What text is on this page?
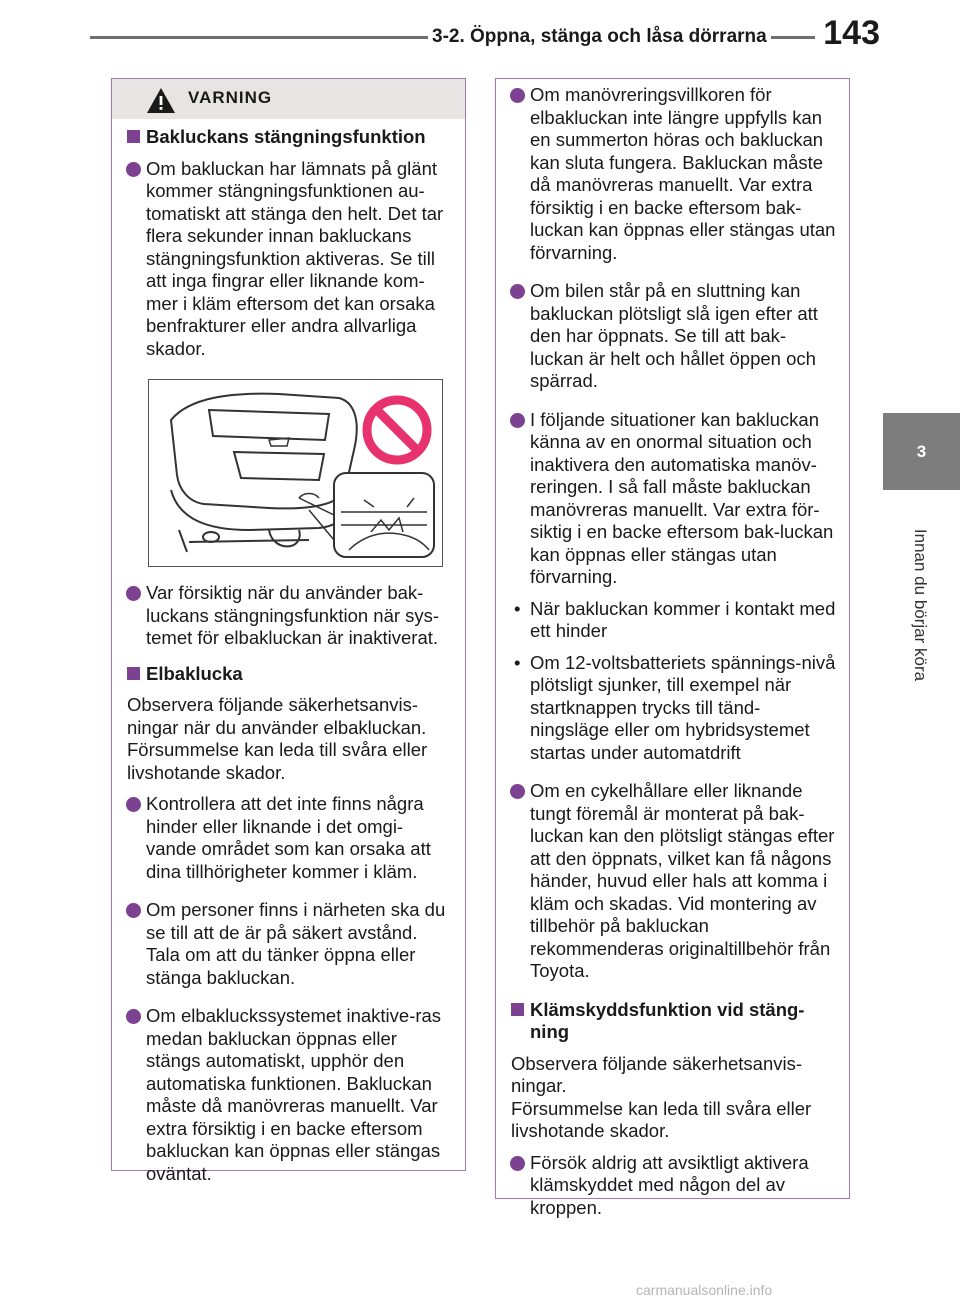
3-2. Öppna, stänga och låsa dörrarna 143
3
Innan du börjar köra
VARNING

Bakluckans stängningsfunktion

Om bakluckan har lämnats på glänt kommer stängningsfunktionen au-tomatiskt att stänga den helt. Det tar flera sekunder innan bakluckans stängningsfunktion aktiveras. Se till att inga fingrar eller liknande kom-mer i kläm eftersom det kan orsaka benfrakturer eller andra allvarliga skador.

Var försiktig när du använder bak-luckans stängningsfunktion när sys-temet för elbakluckan är inaktiverat.

Elbaklucka

Observera följande säkerhetsanvis-ningar när du använder elbakluckan. Försummelse kan leda till svåra eller livshotande skador.

Kontrollera att det inte finns några hinder eller liknande i det omgi-vande området som kan orsaka att dina tillhörigheter kommer i kläm.

Om personer finns i närheten ska du se till att de är på säkert avstånd. Tala om att du tänker öppna eller stänga bakluckan.

Om elbakluckssystemet inaktive-ras medan bakluckan öppnas eller stängs automatiskt, upphör den automatiska funktionen. Bakluckan måste då manövreras manuellt. Var extra försiktig i en backe eftersom bakluckan kan öppnas eller stängas oväntat.

Om manövreringsvillkoren för elbakluckan inte längre uppfylls kan en summerton höras och bakluckan kan sluta fungera. Bakluckan måste då manövreras manuellt. Var extra försiktig i en backe eftersom bak-luckan kan öppnas eller stängas utan förvarning.

Om bilen står på en sluttning kan bakluckan plötsligt slå igen efter att den har öppnats. Se till att bak-luckan är helt och hållet öppen och spärrad.

I följande situationer kan bakluckan känna av en onormal situation och inaktivera den automatiska manöv-reringen. I så fall måste bakluckan manövreras manuellt. Var extra för-siktig i en backe eftersom bak-luckan kan öppnas eller stängas utan förvarning.

• När bakluckan kommer i kontakt med ett hinder

• Om 12-voltsbatteriets spännings-nivå plötsligt sjunker, till exempel när startknappen trycks till tänd-ningsläge eller om hybridsystemet startas under automatdrift

Om en cykelhållare eller liknande tungt föremål är monterat på bak-luckan kan den plötsligt stängas efter att den öppnats, vilket kan få någons händer, huvud eller hals att komma i kläm och skadas. Vid montering av tillbehör på bakluckan rekommenderas originaltillbehör från Toyota.

Klämskyddsfunktion vid stäng-ning

Observera följande säkerhetsanvis-ningar.

Försummelse kan leda till svåra eller livshotande skador.

Försök aldrig att avsiktligt aktivera klämskyddet med någon del av kroppen.

carmanualsonline.info
